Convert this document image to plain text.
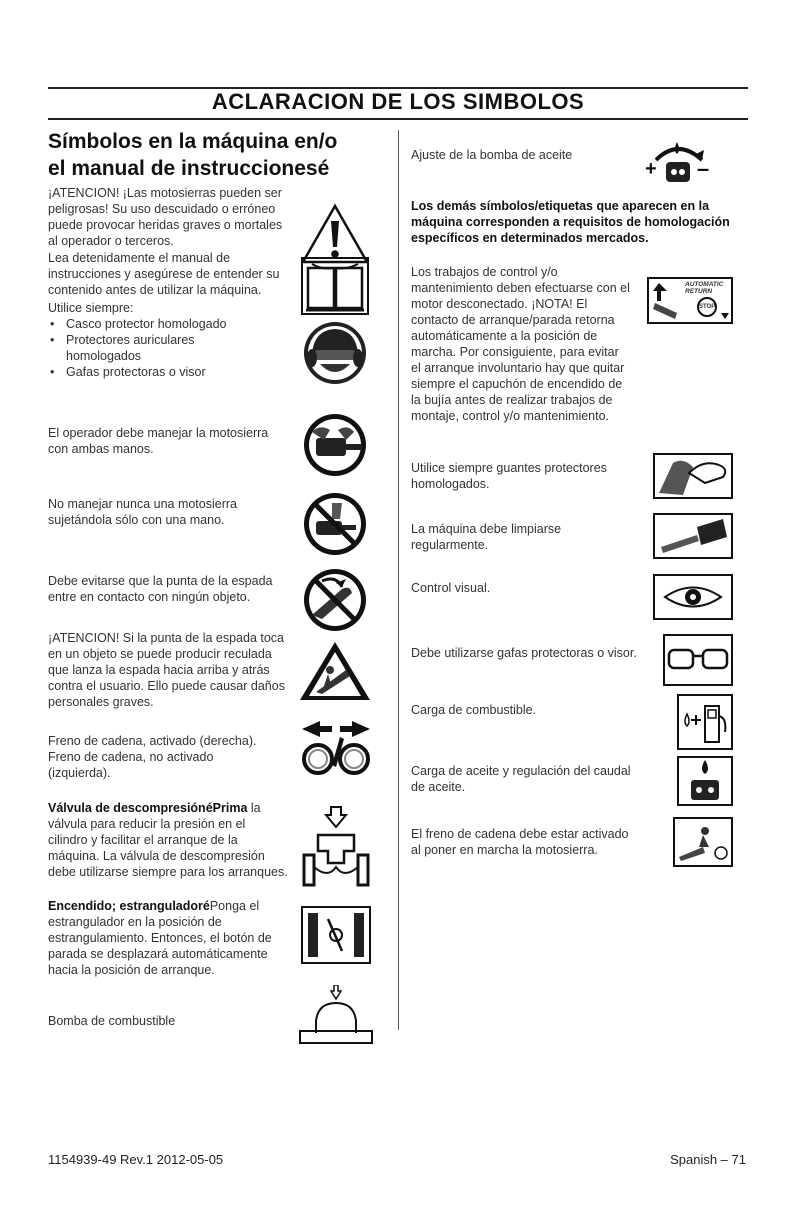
ACLARACION DE LOS SIMBOLOS
Símbolos en la máquina en/o el manual de instruccionesé
¡ATENCION! ¡Las motosierras pueden ser peligrosas! Su uso descuidado o erróneo puede provocar heridas graves o mortales al operador o terceros.
Lea detenidamente el manual de instrucciones y asegúrese de entender su contenido antes de utilizar la máquina.
Utilice siempre:
• Casco protector homologado
• Protectores auriculares homologados
• Gafas protectoras o visor
El operador debe manejar la motosierra con ambas manos.
No manejar nunca una motosierra sujetándola sólo con una mano.
Debe evitarse que la punta de la espada entre en contacto con ningún objeto.
¡ATENCION! Si la punta de la espada toca en un objeto se puede producir reculada que lanza la espada hacia arriba y atrás contra el usuario. Ello puede causar daños personales graves.
Freno de cadena, activado (derecha). Freno de cadena, no activado (izquierda).
Válvula de descompresiónéPrima la válvula para reducir la presión en el cilindro y facilitar el arranque de la máquina. La válvula de descompresión debe utilizarse siempre para los arranques.
Encendido; estranguladoréPonga el estrangulador en la posición de estrangulamiento. Entonces, el botón de parada se desplazará automáticamente hacia la posición de arranque.
Bomba de combustible
Ajuste de la bomba de aceite
+ –
Los demás símbolos/etiquetas que aparecen en la máquina corresponden a requisitos de homologación específicos en determinados mercados.
Los trabajos de control y/o mantenimiento deben efectuarse con el motor desconectado. ¡NOTA! El contacto de arranque/parada retorna automáticamente a la posición de marcha. Por consiguiente, para evitar el arranque involuntario hay que quitar siempre el capuchón de encendido de la bujía antes de realizar trabajos de montaje, control y/o mantenimiento.
AUTOMATIC RETURN
STOP
Utilice siempre guantes protectores homologados.
La máquina debe limpiarse regularmente.
Control visual.
Debe utilizarse gafas protectoras o visor.
Carga de combustible.
Carga de aceite y regulación del caudal de aceite.
El freno de cadena debe estar activado al poner en marcha la motosierra.
1154939-49 Rev.1 2012-05-05	Spanish – 71
